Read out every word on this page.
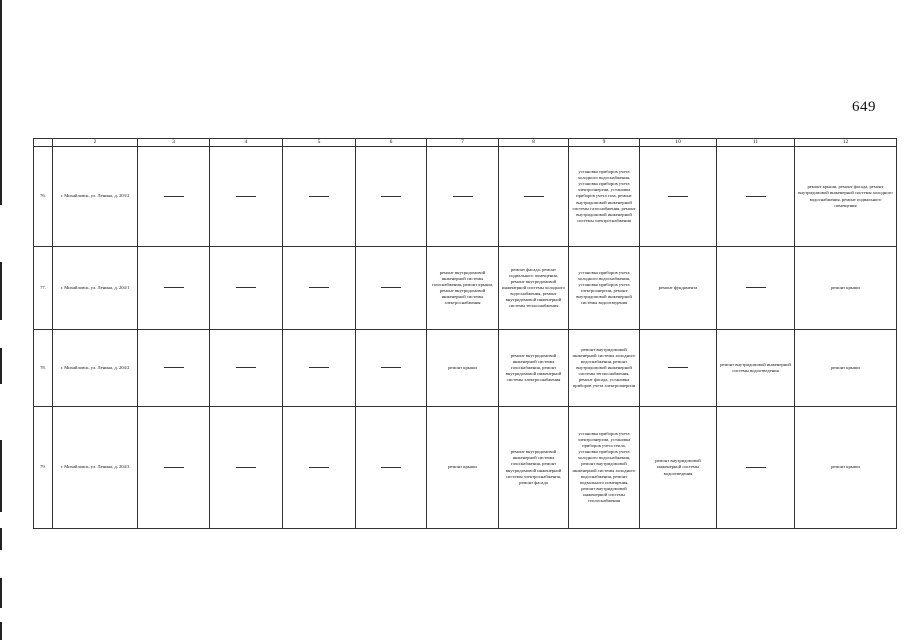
649
	2	3	4	5	6	7	8	9	10	11	12
76.	г. Михайловск, ул. Ленина, д. 203/2							установка приборов учета холодного водоснабжения, установка приборов учета электроэнергии, установка приборов учета газа, ремонт внутридомовой инженерной системы газоснабжения, ремонт внутридомовой инженерной системы электроснабжения			ремонт крыши, ремонт фасада, ремонт внутридомовой инженерной системы холодного водоснабжения, ремонт подвального помещения
77.	г. Михайловск, ул. Ленина, д. 204/1					ремонт внутридомовой инженерной системы газоснабжения, ремонт крыши, ремонт внутридомовой инженерной системы электроснабжения	ремонт фасада, ремонт подвального помещения, ремонт внутридомовой инженерной системы холодного водоснабжения, ремонт внутридомовой инженерной системы теплоснабжения	установка приборов учета холодного водоснабжения, установка приборов учета электроэнергии, ремонт внутридомовой инженерной системы водоотведения	ремонт фундамента		ремонт крыши
78.	г. Михайловск, ул. Ленина, д. 204/2					ремонт крыши	ремонт внутридомовой инженерной системы газоснабжения, ремонт внутридомовой инженерной системы электроснабжения	ремонт внутридомовой инженерной системы холодного водоснабжения, ремонт внутридомовой инженерной системы теплоснабжения, ремонт фасада, установка приборов учета электроэнергии		ремонт внутридомовой инженерной системы водоотведения	ремонт крыши
79.	г. Михайловск, ул. Ленина, д. 204/3					ремонт крыши	ремонт внутридомовой инженерной системы газоснабжения, ремонт внутридомовой инженерной системы электроснабжения, ремонт фасада	установка приборов учета электроэнергии, установка приборов учета тепла, установка приборов учета холодного водоснабжения, ремонт внутридомовой инженерной системы холодного водоснабжения, ремонт подвального помещения, ремонт внутридомовой инженерной системы теплоснабжения	ремонт внутридомовой инженерной системы водоотведения		ремонт крыши
